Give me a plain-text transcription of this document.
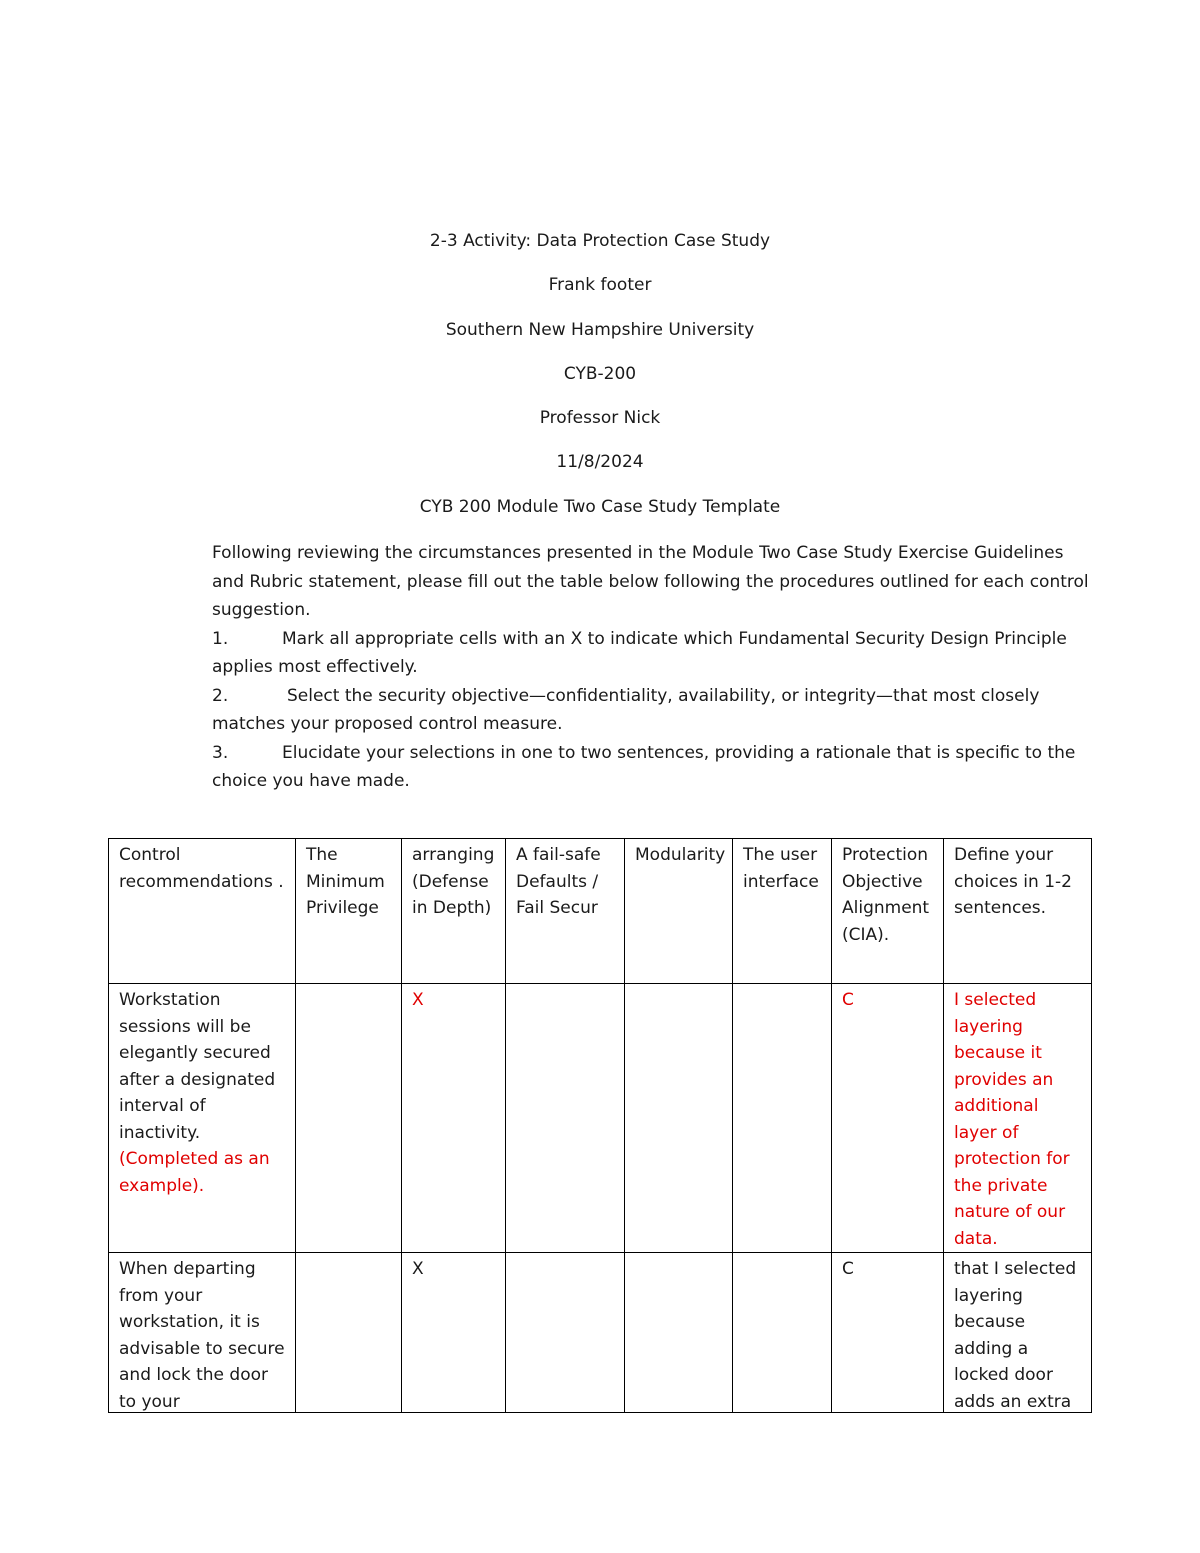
2-3 Activity: Data Protection Case Study
Frank footer
Southern New Hampshire University
CYB-200
Professor Nick
11/8/2024
CYB 200 Module Two Case Study Template

Following reviewing the circumstances presented in the Module Two Case Study Exercise Guidelines and Rubric statement, please fill out the table below following the procedures outlined for each control suggestion.

1.	Mark all appropriate cells with an X to indicate which Fundamental Security Design Principle applies most effectively.

2.	Select the security objective—confidentiality, availability, or integrity—that most closely matches your proposed control measure.

3.	Elucidate your selections in one to two sentences, providing a rationale that is specific to the choice you have made.

Control recommendations .	The Minimum Privilege	arranging (Defense in Depth)	A fail-safe Defaults / Fail Secur	Modularity	The user interface	Protection Objective Alignment (CIA).	Define your choices in 1-2 sentences.
Workstation sessions will be elegantly secured after a designated interval of inactivity.
(Completed as an example).		X				C	I selected layering because it provides an additional layer of protection for the private nature of our data.

When departing from your workstation, it is advisable to secure and lock the door to your		X				C	that I selected layering because adding a locked door adds an extra
